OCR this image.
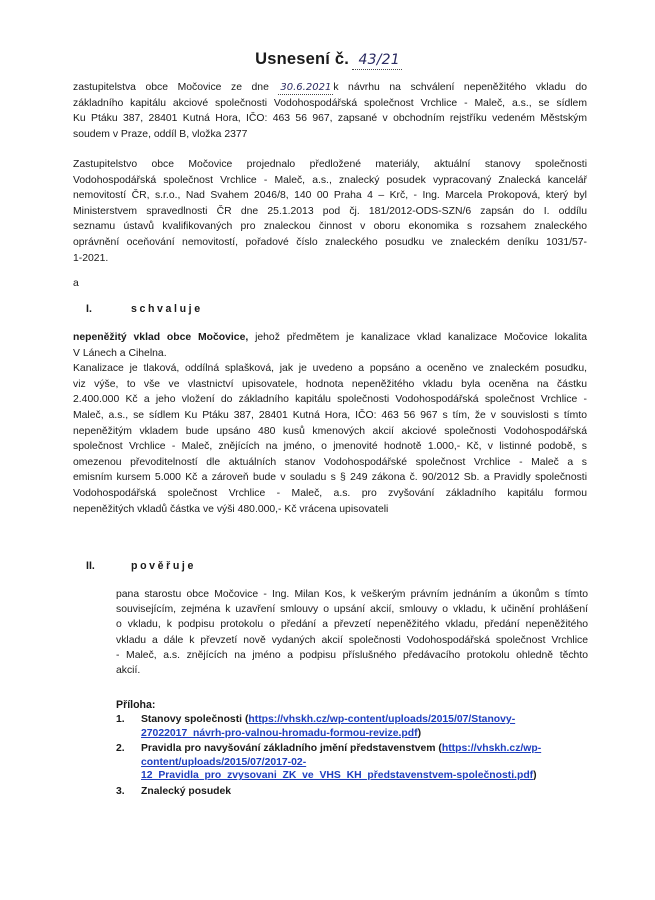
Usnesení č. 43/21

zastupitelstva obce Močovice ze dne 30.6.2021 k návrhu na schválení nepeněžitého vkladu do

základního kapitálu akciové společnosti Vodohospodářská společnost Vrchlice - Maleč, a.s., se sídlem

Ku Ptáku 387, 28401 Kutná Hora, IČO: 463 56 967, zapsané v obchodním rejstříku vedeném Městským

soudem v Praze, oddíl B, vložka 2377

Zastupitelstvo obce Močovice projednalo předložené materiály, aktuální stanovy společnosti

Vodohospodářská společnost Vrchlice - Maleč, a.s., znalecký posudek vypracovaný Znalecká kancelář

nemovitostí ČR, s.r.o., Nad Svahem 2046/8, 140 00 Praha 4 – Krč, - Ing. Marcela Prokopová, který byl

Ministerstvem spravedlnosti ČR dne 25.1.2013 pod čj. 181/2012-ODS-SZN/6 zapsán do I. oddílu

seznamu ústavů kvalifikovaných pro znaleckou činnost v oboru ekonomika s rozsahem znaleckého

oprávnění oceňování nemovitostí, pořadové číslo znaleckého posudku ve znaleckém deníku 1031/57-

1-2021.

a

I.	schvaluje

nepeněžitý vklad obce Močovice, jehož předmětem je kanalizace vklad kanalizace Močovice lokalita

V Lánech a Cihelna.

Kanalizace je tlaková, oddílná splašková, jak je uvedeno a popsáno a oceněno ve znaleckém posudku,

viz výše, to vše ve vlastnictví upisovatele, hodnota nepeněžitého vkladu byla oceněna na částku

2.400.000 Kč a jeho vložení do základního kapitálu společnosti Vodohospodářská společnost Vrchlice -

Maleč, a.s., se sídlem Ku Ptáku 387, 28401 Kutná Hora, IČO: 463 56 967 s tím, že v souvislosti s tímto

nepeněžitým vkladem bude upsáno 480 kusů kmenových akcií akciové společnosti Vodohospodářská

společnost Vrchlice - Maleč, znějících na jméno, o jmenovité hodnotě 1.000,- Kč, v listinné podobě, s

omezenou převoditelností dle aktuálních stanov Vodohospodářské společnost Vrchlice - Maleč a s

emisním kursem 5.000 Kč a zároveň bude v souladu s § 249 zákona č. 90/2012 Sb. a Pravidly společnosti

Vodohospodářská společnost Vrchlice - Maleč, a.s. pro zvyšování základního kapitálu formou

nepeněžitých vkladů částka ve výši 480.000,- Kč vrácena upisovateli

II.	pověřuje

pana starostu obce Močovice - Ing. Milan Kos, k veškerým právním jednáním a úkonům s tímto

souvisejícím, zejména k uzavření smlouvy o upsání akcií, smlouvy o vkladu, k učinění prohlášení

o vkladu, k podpisu protokolu o předání a převzetí nepeněžitého vkladu, předání nepeněžitého

vkladu a dále k převzetí nově vydaných akcií společnosti Vodohospodářská společnost Vrchlice

- Maleč, a.s. znějících na jméno a podpisu příslušného předávacího protokolu ohledně těchto

akcií.

Příloha:
1. Stanovy společnosti (https://vhskh.cz/wp-content/uploads/2015/07/Stanovy-
27022017_návrh-pro-valnou-hromadu-formou-revize.pdf)
2. Pravidla pro navyšování základního jmění představenstvem (https://vhskh.cz/wp-
content/uploads/2015/07/2017-02-
12_Pravidla_pro_zvysovani_ZK_ve_VHS_KH_představenstvem-společnosti.pdf)
3. Znalecký posudek
